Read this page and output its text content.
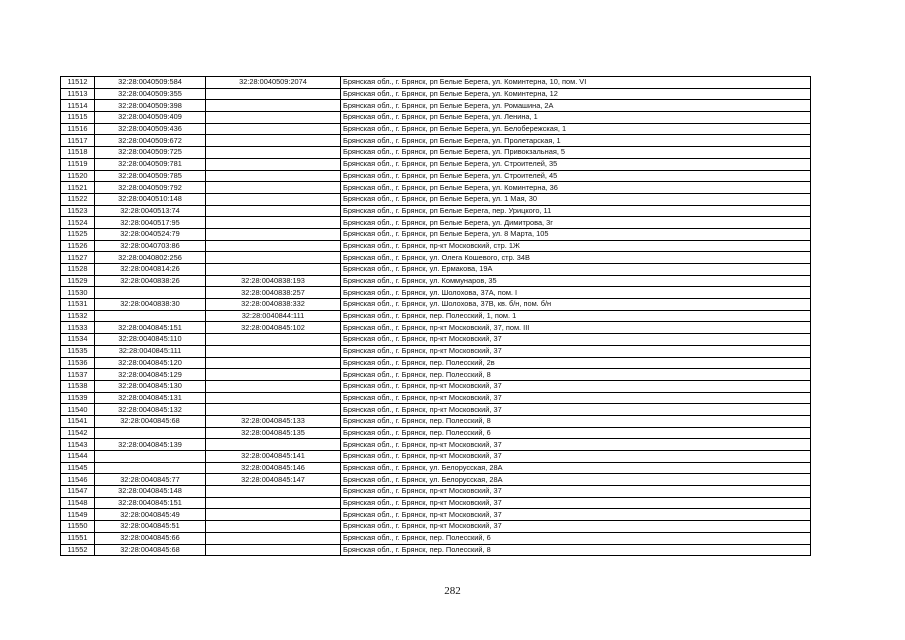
11512	32:28:0040509:584	32:28:0040509:2074	Брянская обл., г. Брянск, рп Белые Берега, ул. Коминтерна, 10, пом. VI
11513	32:28:0040509:355		Брянская обл., г. Брянск, рп Белые Берега, ул. Коминтерна, 12
11514	32:28:0040509:398		Брянская обл., г. Брянск, рп Белые Берега, ул. Ромашина, 2А
11515	32:28:0040509:409		Брянская обл., г. Брянск, рп Белые Берега, ул. Ленина, 1
11516	32:28:0040509:436		Брянская обл., г. Брянск, рп Белые Берега, ул. Белобережская, 1
11517	32:28:0040509:672		Брянская обл., г. Брянск, рп Белые Берега, ул. Пролетарская, 1
11518	32:28:0040509:725		Брянская обл., г. Брянск, рп Белые Берега, ул. Привокзальная, 5
11519	32:28:0040509:781		Брянская обл., г. Брянск, рп Белые Берега, ул. Строителей, 35
11520	32:28:0040509:785		Брянская обл., г. Брянск, рп Белые Берега, ул. Строителей, 45
11521	32:28:0040509:792		Брянская обл., г. Брянск, рп Белые Берега, ул. Коминтерна, 36
11522	32:28:0040510:148		Брянская обл., г. Брянск, рп Белые Берега, ул. 1 Мая, 30
11523	32:28:0040513:74		Брянская обл., г. Брянск, рп Белые Берега, пер. Урицкого, 11
11524	32:28:0040517:95		Брянская обл., г. Брянск, рп Белые Берега, ул. Димитрова, 3г
11525	32:28:0040524:79		Брянская обл., г. Брянск, рп Белые Берега, ул. 8 Марта, 105
11526	32:28:0040703:86		Брянская обл., г. Брянск, пр-кт Московский, стр. 1Ж
11527	32:28:0040802:256		Брянская обл., г. Брянск, ул. Олега Кошевого, стр. 34В
11528	32:28:0040814:26		Брянская обл., г. Брянск, ул. Ермакова, 19А
11529	32:28:0040838:26	32:28:0040838:193	Брянская обл., г. Брянск, ул. Коммунаров, 35
11530		32:28:0040838:257	Брянская обл., г. Брянск, ул. Шолохова, 37А, пом. I
11531	32:28:0040838:30	32:28:0040838:332	Брянская обл., г. Брянск, ул. Шолохова, 37В, кв. б/н, пом. б/н
11532		32:28:0040844:111	Брянская обл., г. Брянск, пер. Полесский, 1, пом. 1
11533	32:28:0040845:151	32:28:0040845:102	Брянская обл., г. Брянск, пр-кт Московский, 37, пом. III
11534	32:28:0040845:110		Брянская обл., г. Брянск, пр-кт Московский, 37
11535	32:28:0040845:111		Брянская обл., г. Брянск, пр-кт Московский, 37
11536	32:28:0040845:120		Брянская обл., г. Брянск, пер. Полесский, 2в
11537	32:28:0040845:129		Брянская обл., г. Брянск, пер. Полесский, 8
11538	32:28:0040845:130		Брянская обл., г. Брянск, пр-кт Московский, 37
11539	32:28:0040845:131		Брянская обл., г. Брянск, пр-кт Московский, 37
11540	32:28:0040845:132		Брянская обл., г. Брянск, пр-кт Московский, 37
11541	32:28:0040845:68	32:28:0040845:133	Брянская обл., г. Брянск, пер. Полесский, 8
11542		32:28:0040845:135	Брянская обл., г. Брянск, пер. Полесский, 6
11543	32:28:0040845:139		Брянская обл., г. Брянск, пр-кт Московский, 37
11544		32:28:0040845:141	Брянская обл., г. Брянск, пр-кт Московский, 37
11545		32:28:0040845:146	Брянская обл., г. Брянск, ул. Белорусская, 28А
11546	32:28:0040845:77	32:28:0040845:147	Брянская обл., г. Брянск, ул. Белорусская, 28А
11547	32:28:0040845:148		Брянская обл., г. Брянск, пр-кт Московский, 37
11548	32:28:0040845:151		Брянская обл., г. Брянск, пр-кт Московский, 37
11549	32:28:0040845:49		Брянская обл., г. Брянск, пр-кт Московский, 37
11550	32:28:0040845:51		Брянская обл., г. Брянск, пр-кт Московский, 37
11551	32:28:0040845:66		Брянская обл., г. Брянск, пер. Полесский, 6
11552	32:28:0040845:68		Брянская обл., г. Брянск, пер. Полесский, 8
282
